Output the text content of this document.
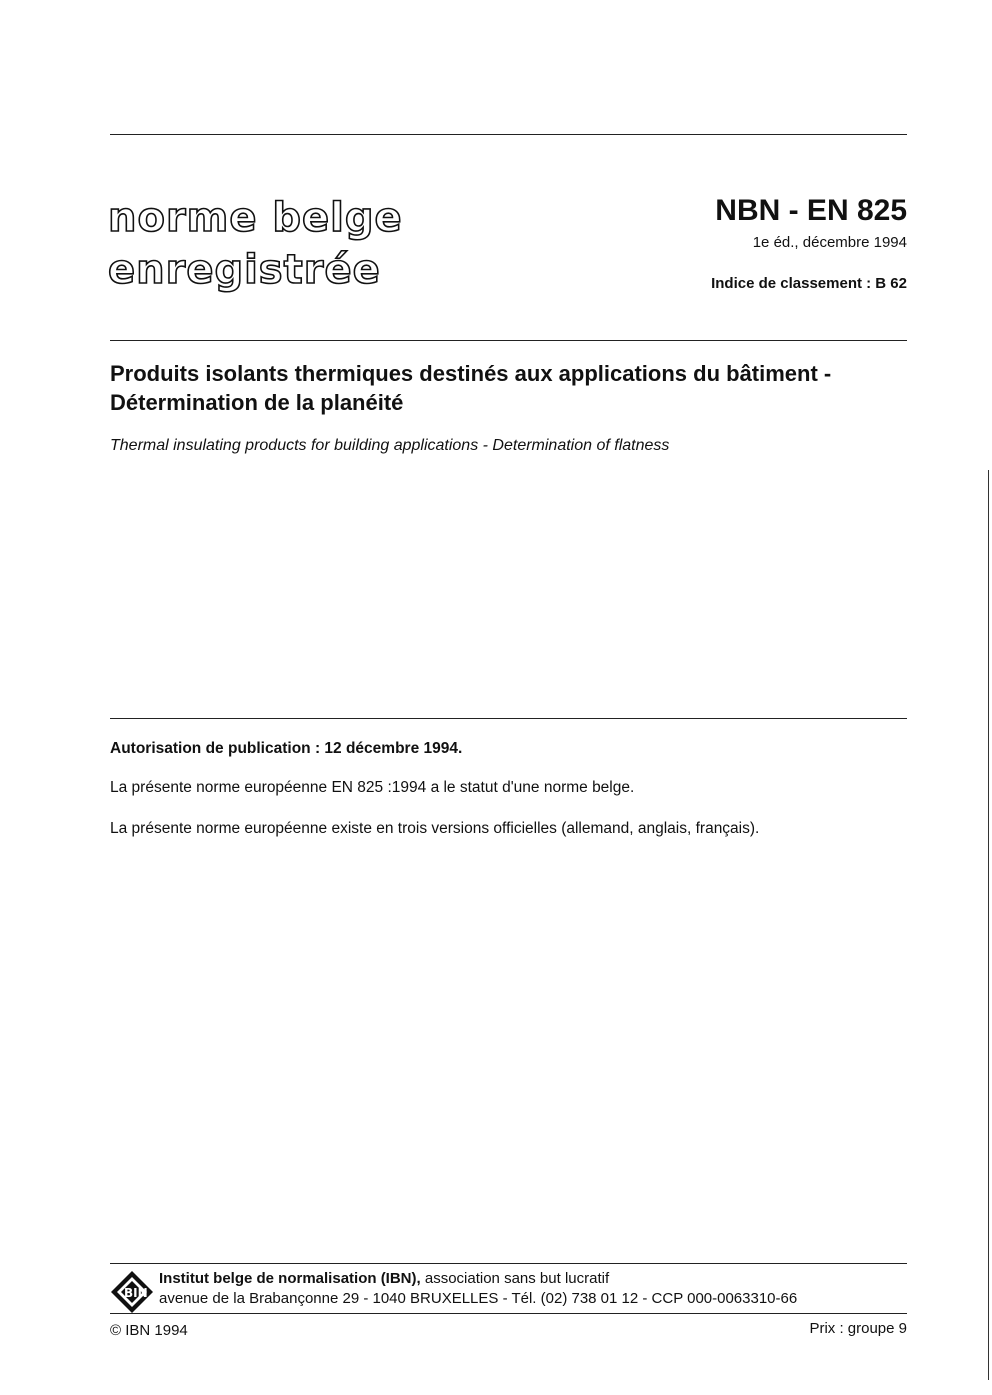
norme belge
enregistrée
NBN - EN 825
1e éd., décembre 1994
Indice de classement : B 62
Produits isolants thermiques destinés aux applications du bâtiment - Détermination de la planéité
Thermal insulating products for building applications - Determination of flatness
Autorisation de publication : 12 décembre 1994.
La présente norme européenne EN 825 :1994 a le statut d'une norme belge.
La présente norme européenne existe en trois versions officielles (allemand, anglais, français).
BIN
Institut belge de normalisation (IBN), association sans but lucratif
avenue de la Brabançonne 29 - 1040 BRUXELLES - Tél. (02) 738 01 12 - CCP 000-0063310-66
© IBN 1994	Prix : groupe 9
